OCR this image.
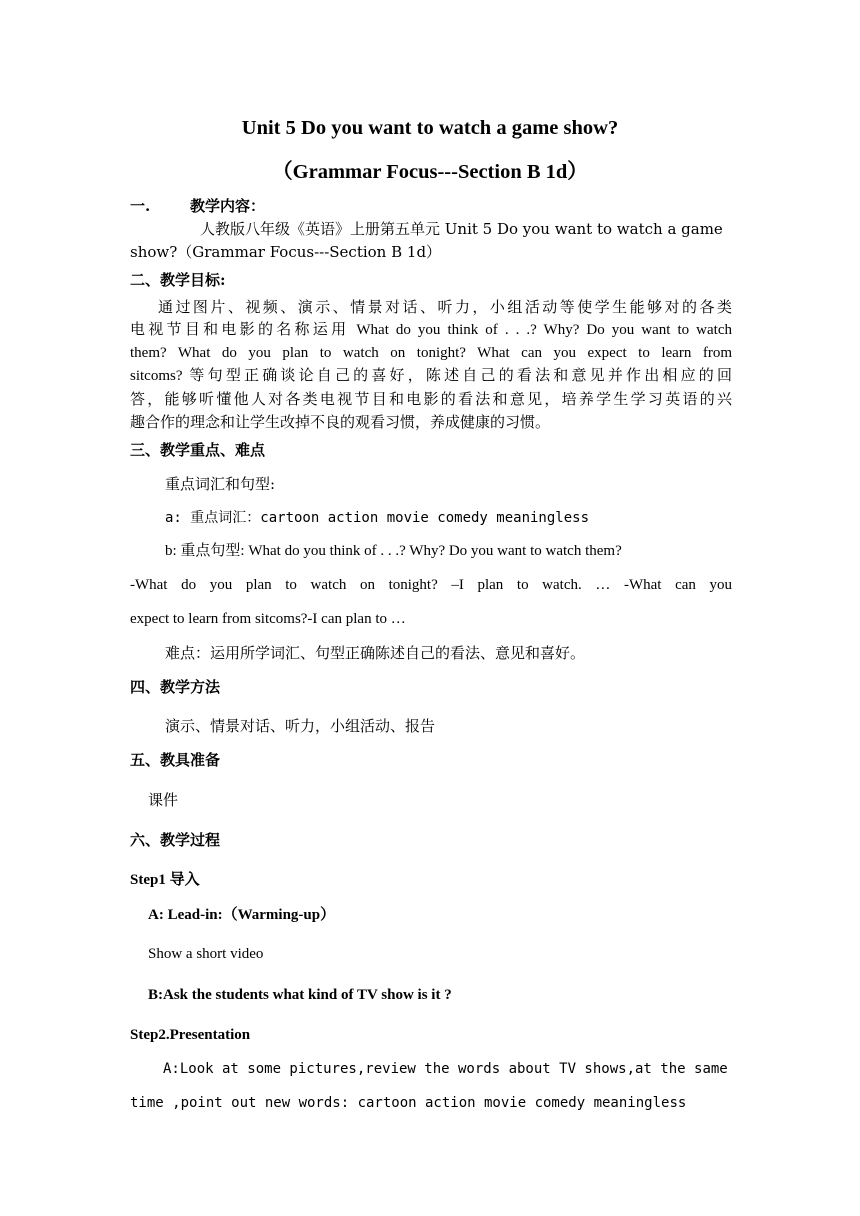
Unit 5 Do you want to watch a game show?
（Grammar Focus---Section B 1d）
一.	教学内容：
人教版八年级《英语》上册第五单元 Unit 5 Do you want to watch a game
show?（Grammar Focus---Section B 1d）
二、教学目标:
通过图片、视频、演示、情景对话、听力，小组活动等使学生能够对的各类
电视节目和电影的名称运用 What do you think of . . .? Why? Do you want to watch
them? What do you plan to watch on tonight? What can you expect to learn from
sitcoms? 等句型正确谈论自己的喜好，陈述自己的看法和意见并作出相应的回
答，能够听懂他人对各类电视节目和电影的看法和意见，培养学生学习英语的兴
趣合作的理念和让学生改掉不良的观看习惯，养成健康的习惯。
三、教学重点、难点
重点词汇和句型:
a: 重点词汇：cartoon action movie comedy meaningless
b: 重点句型: What do you think of . . .? Why? Do you want to watch them?
-What do you plan to watch on tonight? –I plan to watch. … -What can you
expect to learn from sitcoms?-I can plan to …
难点：运用所学词汇、句型正确陈述自己的看法、意见和喜好。
四、教学方法
演示、情景对话、听力，小组活动、报告
五、教具准备
课件
六、教学过程
Step1 导入
A: Lead-in:（Warming-up）
Show a short video
B:Ask the students what kind of TV show is it ?
Step2.Presentation
A:Look at some pictures,review the words about TV shows,at the same
time ,point out new words: cartoon action movie comedy meaningless
